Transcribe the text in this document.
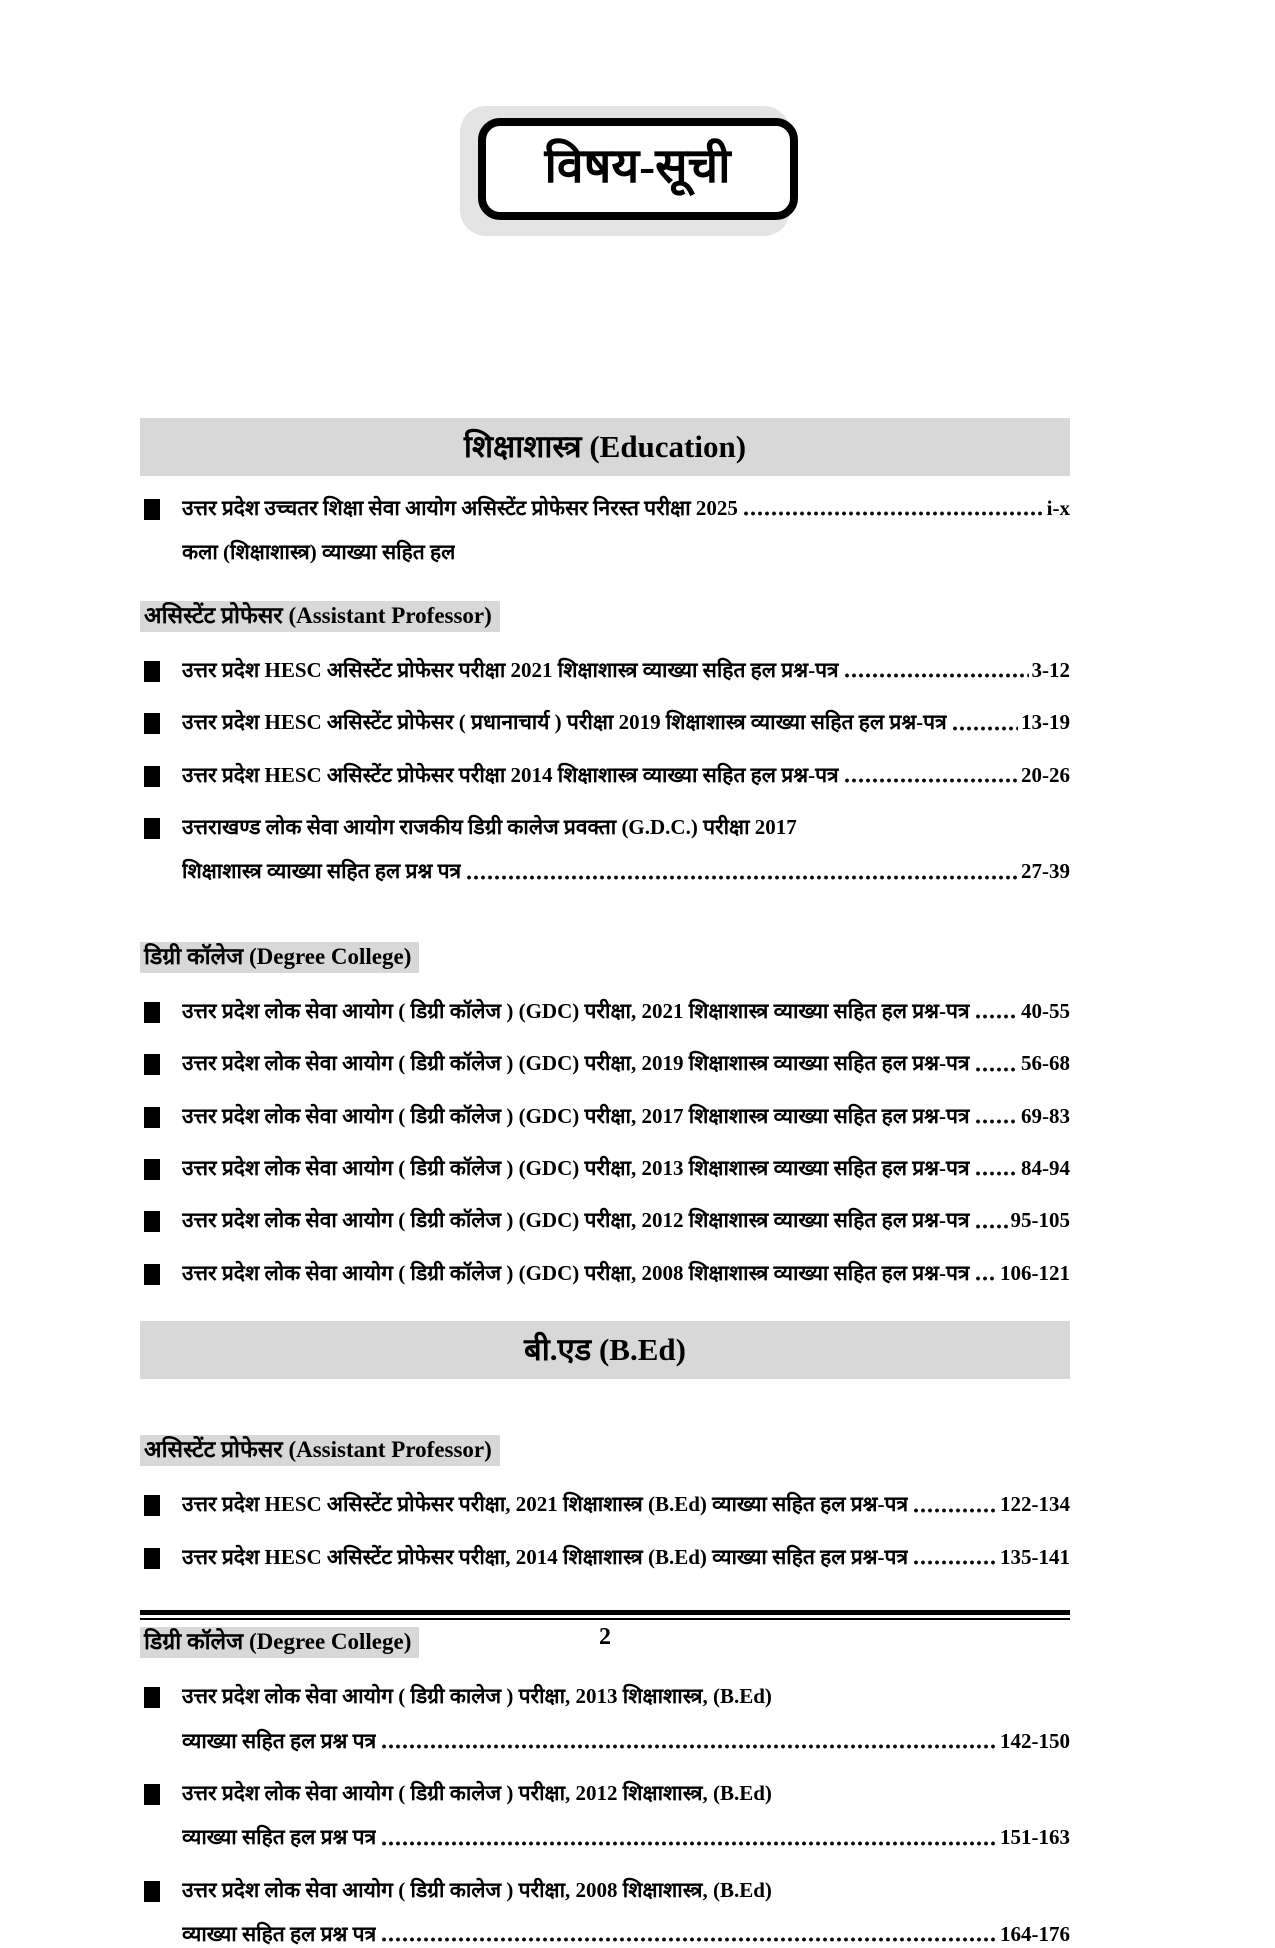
विषय-सूची
शिक्षाशास्त्र (Education)
उत्तर प्रदेश उच्चतर शिक्षा सेवा आयोग असिस्टेंट प्रोफेसर निरस्त परीक्षा 2025	i-x
कला (शिक्षाशास्त्र) व्याख्या सहित हल
असिस्टेंट प्रोफेसर (Assistant Professor)
उत्तर प्रदेश HESC असिस्टेंट प्रोफेसर परीक्षा 2021 शिक्षाशास्त्र व्याख्या सहित हल प्रश्न-पत्र	3-12
उत्तर प्रदेश HESC असिस्टेंट प्रोफेसर ( प्रधानाचार्य ) परीक्षा 2019 शिक्षाशास्त्र व्याख्या सहित हल प्रश्न-पत्र	13-19
उत्तर प्रदेश HESC असिस्टेंट प्रोफेसर परीक्षा 2014 शिक्षाशास्त्र व्याख्या सहित हल प्रश्न-पत्र	20-26
उत्तराखण्ड लोक सेवा आयोग राजकीय डिग्री कालेज प्रवक्ता (G.D.C.) परीक्षा 2017
शिक्षाशास्त्र व्याख्या सहित हल प्रश्न पत्र	27-39
डिग्री कॉलेज (Degree College)
उत्तर प्रदेश लोक सेवा आयोग ( डिग्री कॉलेज ) (GDC) परीक्षा, 2021 शिक्षाशास्त्र व्याख्या सहित हल प्रश्न-पत्र 40-55
उत्तर प्रदेश लोक सेवा आयोग ( डिग्री कॉलेज ) (GDC) परीक्षा, 2019 शिक्षाशास्त्र व्याख्या सहित हल प्रश्न-पत्र 56-68
उत्तर प्रदेश लोक सेवा आयोग ( डिग्री कॉलेज ) (GDC) परीक्षा, 2017 शिक्षाशास्त्र व्याख्या सहित हल प्रश्न-पत्र 69-83
उत्तर प्रदेश लोक सेवा आयोग ( डिग्री कॉलेज ) (GDC) परीक्षा, 2013 शिक्षाशास्त्र व्याख्या सहित हल प्रश्न-पत्र 84-94
उत्तर प्रदेश लोक सेवा आयोग ( डिग्री कॉलेज ) (GDC) परीक्षा, 2012 शिक्षाशास्त्र व्याख्या सहित हल प्रश्न-पत्र 95-105
उत्तर प्रदेश लोक सेवा आयोग ( डिग्री कॉलेज ) (GDC) परीक्षा, 2008 शिक्षाशास्त्र व्याख्या सहित हल प्रश्न-पत्र 106-121
बी.एड (B.Ed)
असिस्टेंट प्रोफेसर (Assistant Professor)
उत्तर प्रदेश HESC असिस्टेंट प्रोफेसर परीक्षा, 2021 शिक्षाशास्त्र (B.Ed) व्याख्या सहित हल प्रश्न-पत्र	122-134
उत्तर प्रदेश HESC असिस्टेंट प्रोफेसर परीक्षा, 2014 शिक्षाशास्त्र (B.Ed) व्याख्या सहित हल प्रश्न-पत्र	135-141
डिग्री कॉलेज (Degree College)
उत्तर प्रदेश लोक सेवा आयोग ( डिग्री कालेज ) परीक्षा, 2013 शिक्षाशास्त्र, (B.Ed)
व्याख्या सहित हल प्रश्न पत्र	142-150
उत्तर प्रदेश लोक सेवा आयोग ( डिग्री कालेज ) परीक्षा, 2012 शिक्षाशास्त्र, (B.Ed)
व्याख्या सहित हल प्रश्न पत्र	151-163
उत्तर प्रदेश लोक सेवा आयोग ( डिग्री कालेज ) परीक्षा, 2008 शिक्षाशास्त्र, (B.Ed)
व्याख्या सहित हल प्रश्न पत्र	164-176
2
